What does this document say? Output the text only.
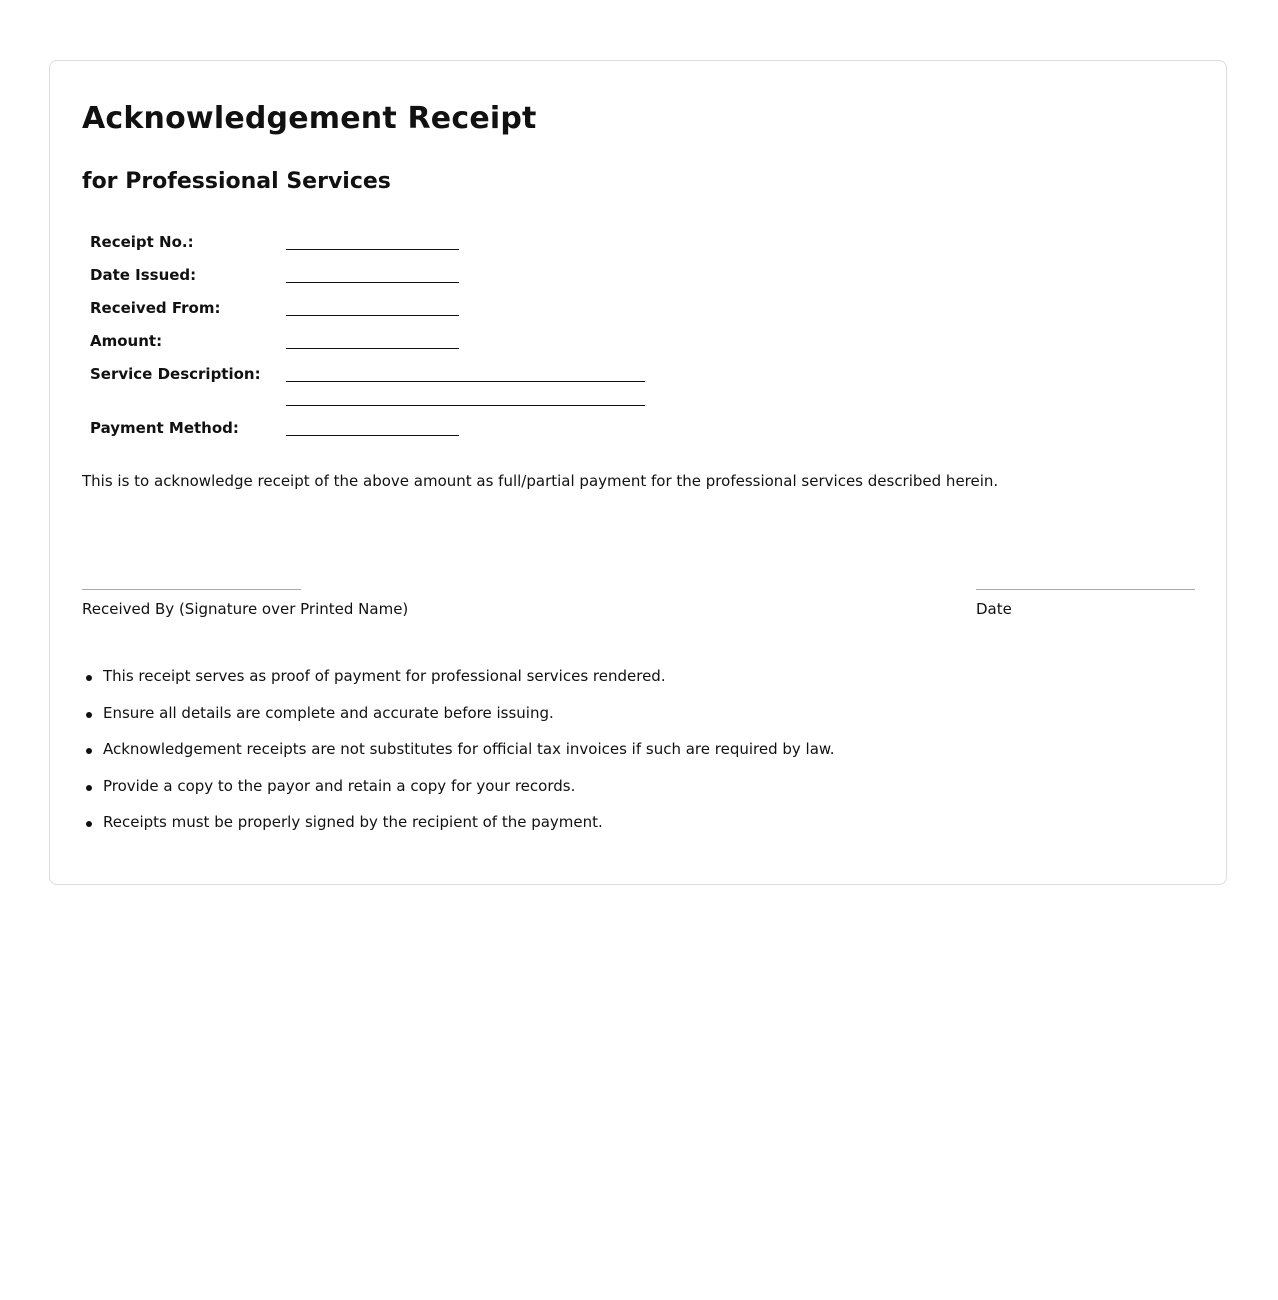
Acknowledgement Receipt
for Professional Services
Receipt No.:
Date Issued:
Received From:
Amount:
Service Description:
Payment Method:

This is to acknowledge receipt of the above amount as full/partial payment for the professional services described herein.

Received By (Signature over Printed Name)	Date
This receipt serves as proof of payment for professional services rendered.
Ensure all details are complete and accurate before issuing.
Acknowledgement receipts are not substitutes for official tax invoices if such are required by law.
Provide a copy to the payor and retain a copy for your records.
Receipts must be properly signed by the recipient of the payment.
